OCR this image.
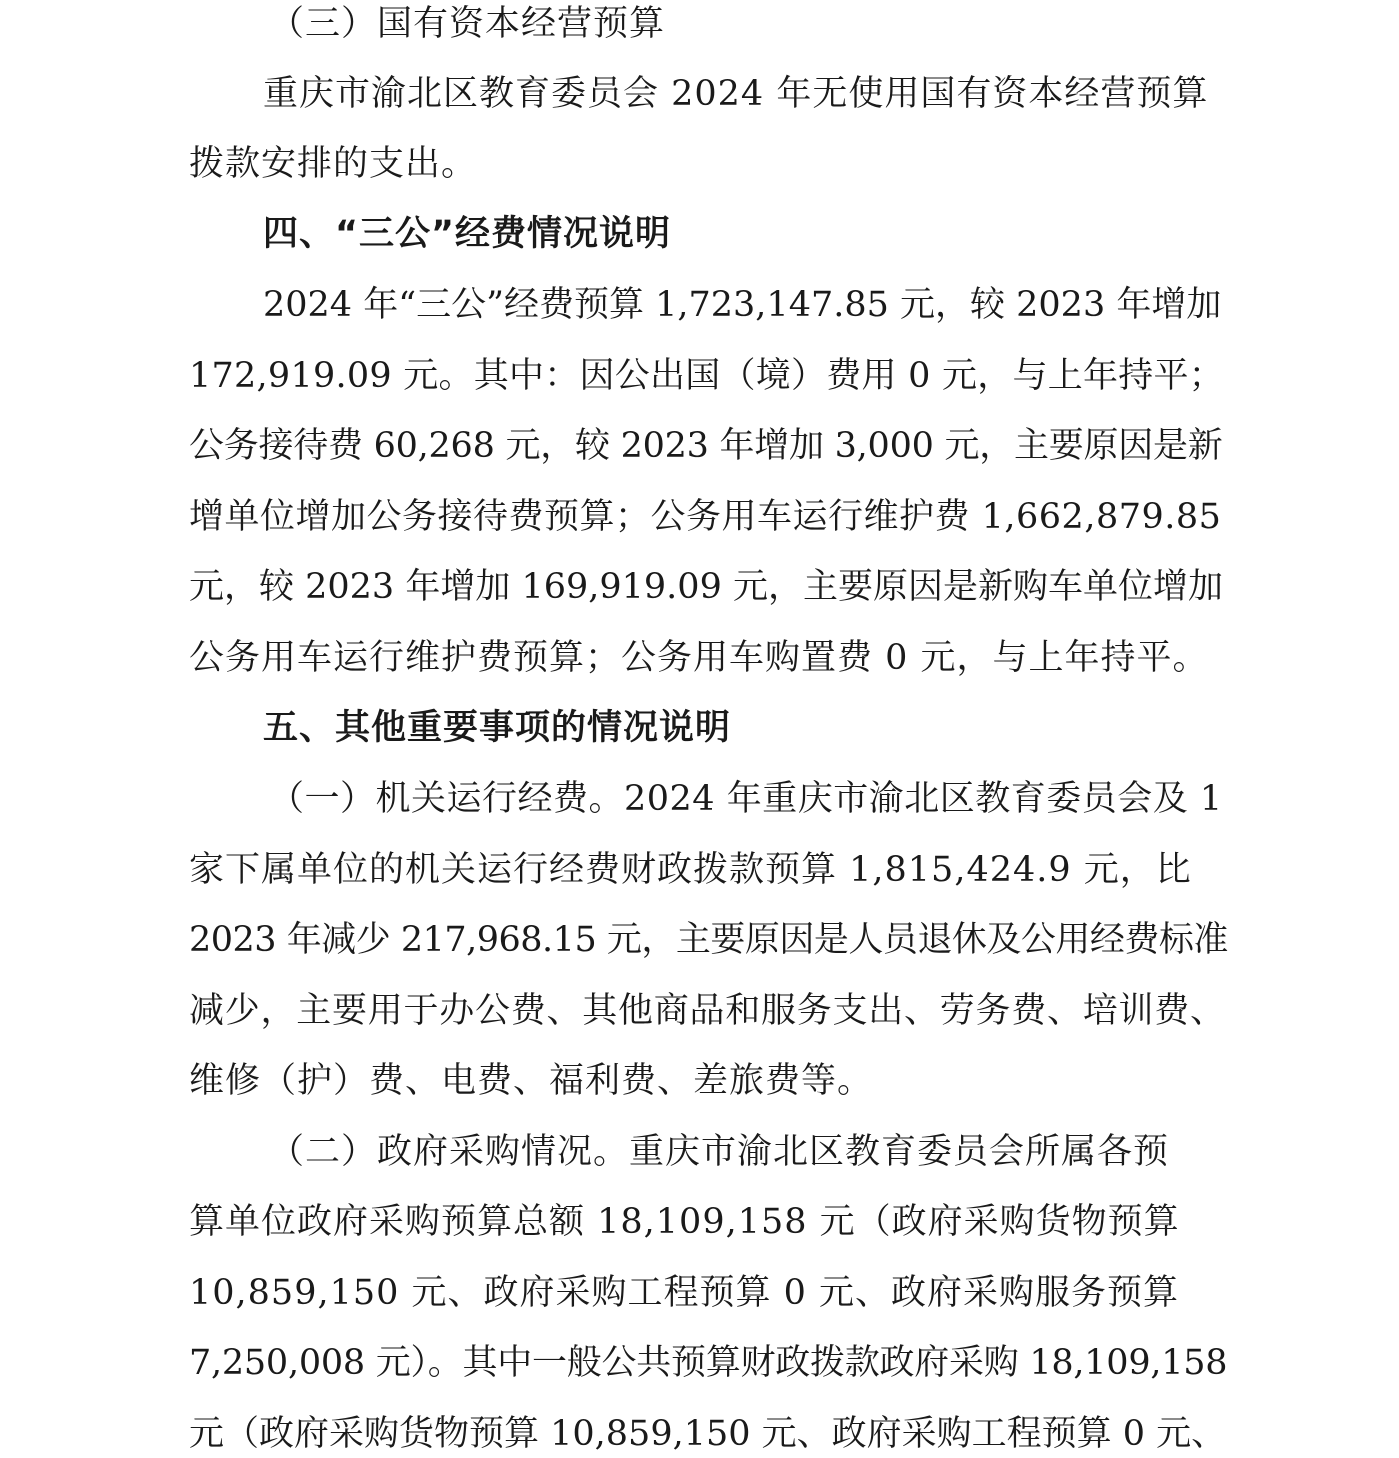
（三）国有资本经营预算
重庆市渝北区教育委员会 2024 年无使用国有资本经营预算
拨款安排的支出。
四、“三公”经费情况说明
2024 年“三公”经费预算 1,723,147.85 元，较 2023 年增加
172,919.09 元。其中：因公出国（境）费用 0 元，与上年持平；
公务接待费 60,268 元，较 2023 年增加 3,000 元，主要原因是新
增单位增加公务接待费预算；公务用车运行维护费 1,662,879.85
元，较 2023 年增加 169,919.09 元，主要原因是新购车单位增加
公务用车运行维护费预算；公务用车购置费 0 元，与上年持平。
五、其他重要事项的情况说明
（一）机关运行经费。2024 年重庆市渝北区教育委员会及 1
家下属单位的机关运行经费财政拨款预算 1,815,424.9 元，比
2023 年减少 217,968.15 元，主要原因是人员退休及公用经费标准
减少，主要用于办公费、其他商品和服务支出、劳务费、培训费、
维修（护）费、电费、福利费、差旅费等。
（二）政府采购情况。重庆市渝北区教育委员会所属各预
算单位政府采购预算总额 18,109,158 元（政府采购货物预算
10,859,150 元、政府采购工程预算 0 元、政府采购服务预算
7,250,008 元）。其中一般公共预算财政拨款政府采购 18,109,158
元（政府采购货物预算 10,859,150 元、政府采购工程预算 0 元、
